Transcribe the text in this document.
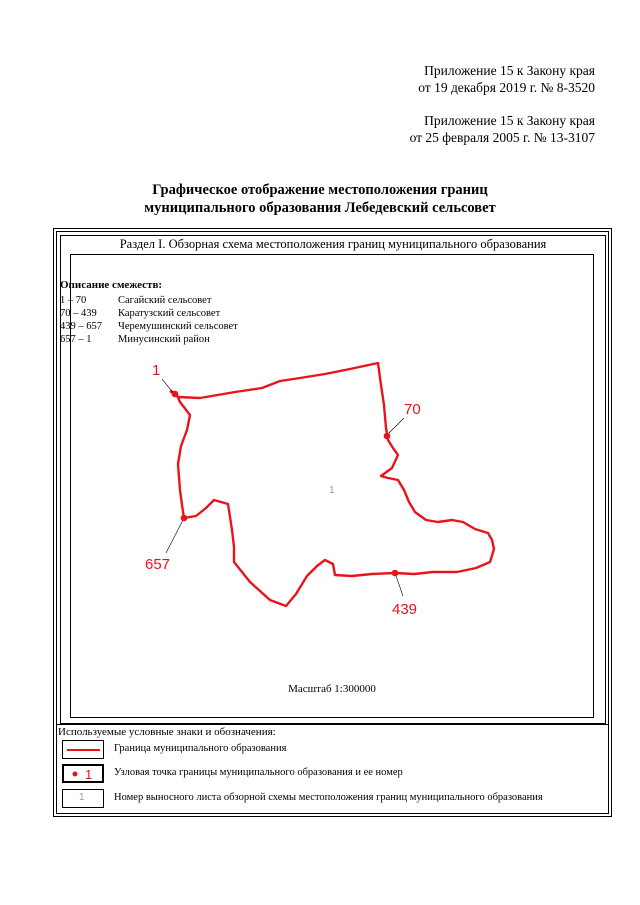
Приложение 15 к Закону края
от 19 декабря 2019 г. № 8-3520
Приложение 15 к Закону края
от 25 февраля 2005 г. № 13-3107
Графическое отображение местоположения границ
муниципального образования Лебедевский сельсовет
Раздел I. Обзорная схема местоположения границ муниципального образования
Описание смежеств:
1 – 70	Сагайский сельсовет
70 – 439 Каратузский сельсовет
439 – 657 Черемушинский сельсовет
657 – 1	Минусинский район
1
70
439
657
1
Масштаб 1:300000
Используемые условные знаки и обозначения:
Граница муниципального образования
1 Узловая точка границы муниципального образования и ее номер
1	Номер выносного листа обзорной схемы местоположения границ муниципального образования
